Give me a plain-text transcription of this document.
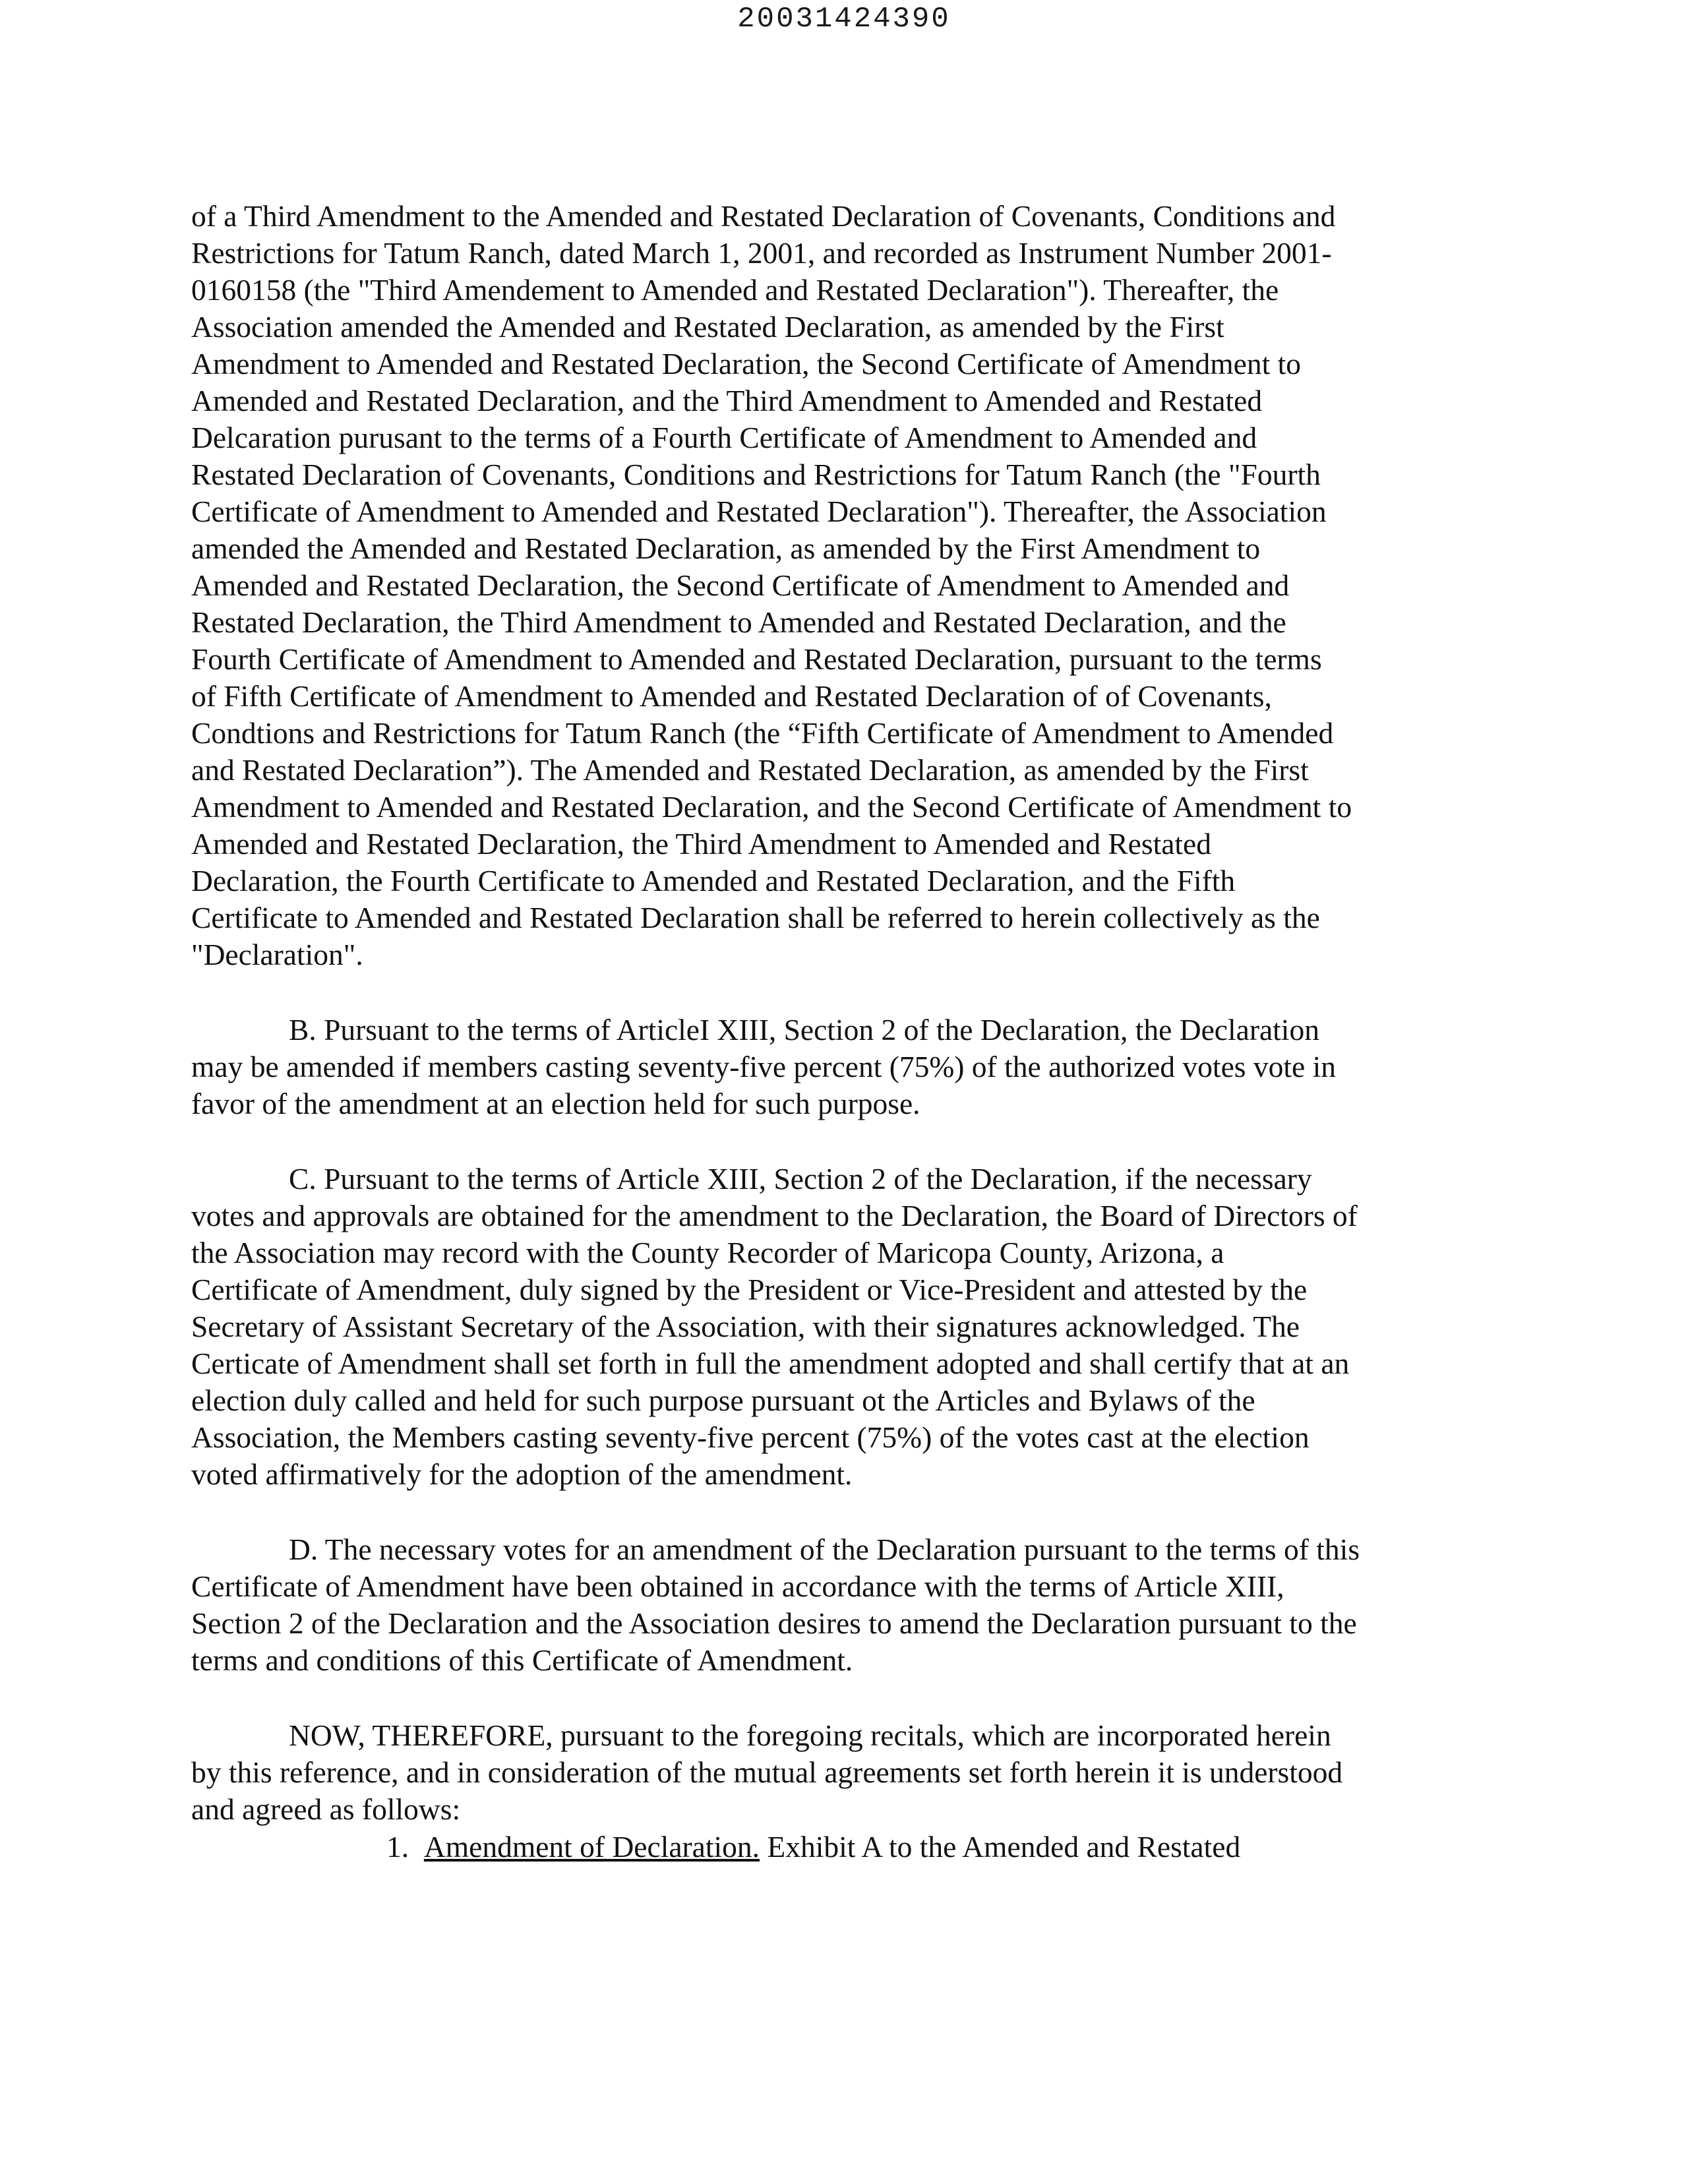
20031424390

of a Third Amendment to the Amended and Restated Declaration of Covenants, Conditions and
Restrictions for Tatum Ranch, dated March 1, 2001, and recorded as Instrument Number 2001-
0160158 (the "Third Amendement to Amended and Restated Declaration"). Thereafter, the
Association amended the Amended and Restated Declaration, as amended by the First
Amendment to Amended and Restated Declaration, the Second Certificate of Amendment to
Amended and Restated Declaration, and the Third Amendment to Amended and Restated
Delcaration purusant to the terms of a Fourth Certificate of Amendment to Amended and
Restated Declaration of Covenants, Conditions and Restrictions for Tatum Ranch (the "Fourth
Certificate of Amendment to Amended and Restated Declaration"). Thereafter, the Association
amended the Amended and Restated Declaration, as amended by the First Amendment to
Amended and Restated Declaration, the Second Certificate of Amendment to Amended and
Restated Declaration, the Third Amendment to Amended and Restated Declaration, and the
Fourth Certificate of Amendment to Amended and Restated Declaration, pursuant to the terms
of Fifth Certificate of Amendment to Amended and Restated Declaration of of Covenants,
Condtions and Restrictions for Tatum Ranch (the “Fifth Certificate of Amendment to Amended
and Restated Declaration”). The Amended and Restated Declaration, as amended by the First
Amendment to Amended and Restated Declaration, and the Second Certificate of Amendment to
Amended and Restated Declaration, the Third Amendment to Amended and Restated
Declaration, the Fourth Certificate to Amended and Restated Declaration, and the Fifth
Certificate to Amended and Restated Declaration shall be referred to herein collectively as the
"Declaration".

B. Pursuant to the terms of ArticleI XIII, Section 2 of the Declaration, the Declaration
may be amended if members casting seventy-five percent (75%) of the authorized votes vote in
favor of the amendment at an election held for such purpose.

C. Pursuant to the terms of Article XIII, Section 2 of the Declaration, if the necessary
votes and approvals are obtained for the amendment to the Declaration, the Board of Directors of
the Association may record with the County Recorder of Maricopa County, Arizona, a
Certificate of Amendment, duly signed by the President or Vice-President and attested by the
Secretary of Assistant Secretary of the Association, with their signatures acknowledged. The
Certicate of Amendment shall set forth in full the amendment adopted and shall certify that at an
election duly called and held for such purpose pursuant ot the Articles and Bylaws of the
Association, the Members casting seventy-five percent (75%) of the votes cast at the election
voted affirmatively for the adoption of the amendment.

D. The necessary votes for an amendment of the Declaration pursuant to the terms of this
Certificate of Amendment have been obtained in accordance with the terms of Article XIII,
Section 2 of the Declaration and the Association desires to amend the Declaration pursuant to the
terms and conditions of this Certificate of Amendment.

NOW, THEREFORE, pursuant to the foregoing recitals, which are incorporated herein
by this reference, and in consideration of the mutual agreements set forth herein it is understood
and agreed as follows:

1. Amendment of Declaration. Exhibit A to the Amended and Restated
